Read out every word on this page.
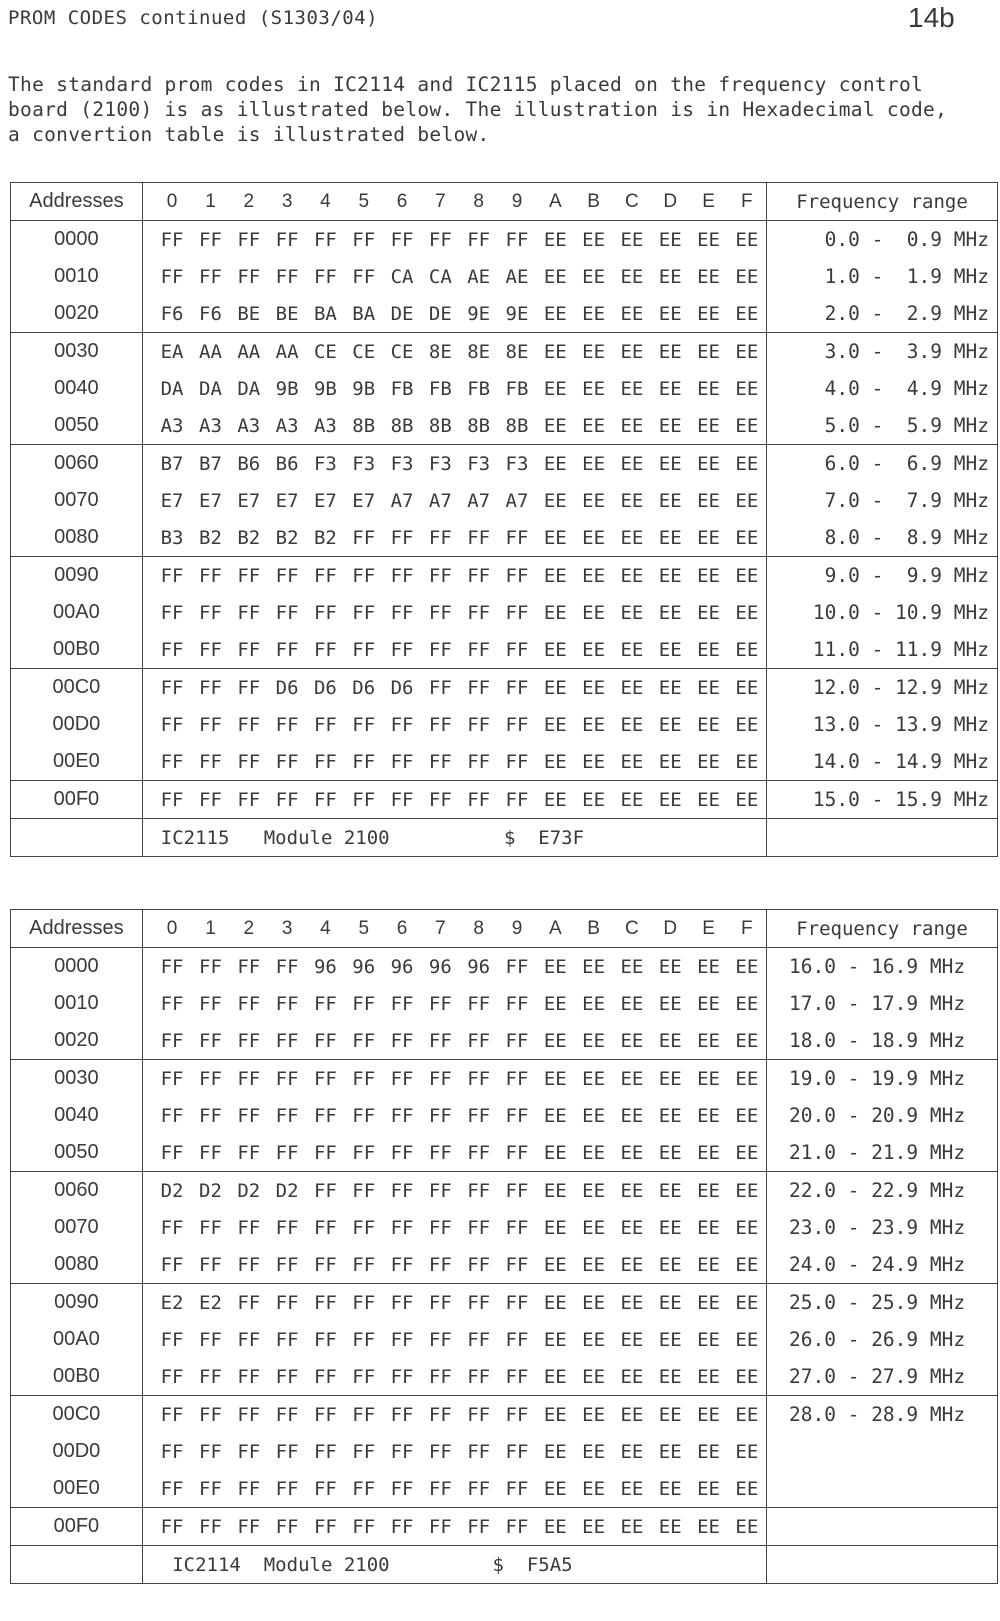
PROM CODES continued (S1303/04)	14b
The standard prom codes in IC2114 and IC2115 placed on the frequency control
board (2100) is as illustrated below. The illustration is in Hexadecimal code,
a convertion table is illustrated below.
Addresses	0	1	2	3	4	5	6	7	8	9	A	B	C	D	E	F	Frequency range
0000	FF	FF	FF	FF	FF	FF	FF	FF	FF	FF	EE	EE	EE	EE	EE	EE	0.0 -  0.9 MHz
0010	FF	FF	FF	FF	FF	FF	CA	CA	AE	AE	EE	EE	EE	EE	EE	EE	1.0 -  1.9 MHz
0020	F6	F6	BE	BE	BA	BA	DE	DE	9E	9E	EE	EE	EE	EE	EE	EE	2.0 -  2.9 MHz
0030	EA	AA	AA	AA	CE	CE	CE	8E	8E	8E	EE	EE	EE	EE	EE	EE	3.0 -  3.9 MHz
0040	DA	DA	DA	9B	9B	9B	FB	FB	FB	FB	EE	EE	EE	EE	EE	EE	4.0 -  4.9 MHz
0050	A3	A3	A3	A3	A3	8B	8B	8B	8B	8B	EE	EE	EE	EE	EE	EE	5.0 -  5.9 MHz
0060	B7	B7	B6	B6	F3	F3	F3	F3	F3	F3	EE	EE	EE	EE	EE	EE	6.0 -  6.9 MHz
0070	E7	E7	E7	E7	E7	E7	A7	A7	A7	A7	EE	EE	EE	EE	EE	EE	7.0 -  7.9 MHz
0080	B3	B2	B2	B2	B2	FF	FF	FF	FF	FF	EE	EE	EE	EE	EE	EE	8.0 -  8.9 MHz
0090	FF	FF	FF	FF	FF	FF	FF	FF	FF	FF	EE	EE	EE	EE	EE	EE	9.0 -  9.9 MHz
00A0	FF	FF	FF	FF	FF	FF	FF	FF	FF	FF	EE	EE	EE	EE	EE	EE	10.0 - 10.9 MHz
00B0	FF	FF	FF	FF	FF	FF	FF	FF	FF	FF	EE	EE	EE	EE	EE	EE	11.0 - 11.9 MHz
00C0	FF	FF	FF	D6	D6	D6	D6	FF	FF	FF	EE	EE	EE	EE	EE	EE	12.0 - 12.9 MHz
00D0	FF	FF	FF	FF	FF	FF	FF	FF	FF	FF	EE	EE	EE	EE	EE	EE	13.0 - 13.9 MHz
00E0	FF	FF	FF	FF	FF	FF	FF	FF	FF	FF	EE	EE	EE	EE	EE	EE	14.0 - 14.9 MHz
00F0	FF	FF	FF	FF	FF	FF	FF	FF	FF	FF	EE	EE	EE	EE	EE	EE	15.0 - 15.9 MHz
	IC2115   Module 2100          $  E73F																
Addresses	0	1	2	3	4	5	6	7	8	9	A	B	C	D	E	F	Frequency range
0000	FF	FF	FF	FF	96	96	96	96	96	FF	EE	EE	EE	EE	EE	EE	16.0 - 16.9 MHz
0010	FF	FF	FF	FF	FF	FF	FF	FF	FF	FF	EE	EE	EE	EE	EE	EE	17.0 - 17.9 MHz
0020	FF	FF	FF	FF	FF	FF	FF	FF	FF	FF	EE	EE	EE	EE	EE	EE	18.0 - 18.9 MHz
0030	FF	FF	FF	FF	FF	FF	FF	FF	FF	FF	EE	EE	EE	EE	EE	EE	19.0 - 19.9 MHz
0040	FF	FF	FF	FF	FF	FF	FF	FF	FF	FF	EE	EE	EE	EE	EE	EE	20.0 - 20.9 MHz
0050	FF	FF	FF	FF	FF	FF	FF	FF	FF	FF	EE	EE	EE	EE	EE	EE	21.0 - 21.9 MHz
0060	D2	D2	D2	D2	FF	FF	FF	FF	FF	FF	EE	EE	EE	EE	EE	EE	22.0 - 22.9 MHz
0070	FF	FF	FF	FF	FF	FF	FF	FF	FF	FF	EE	EE	EE	EE	EE	EE	23.0 - 23.9 MHz
0080	FF	FF	FF	FF	FF	FF	FF	FF	FF	FF	EE	EE	EE	EE	EE	EE	24.0 - 24.9 MHz
0090	E2	E2	FF	FF	FF	FF	FF	FF	FF	FF	EE	EE	EE	EE	EE	EE	25.0 - 25.9 MHz
00A0	FF	FF	FF	FF	FF	FF	FF	FF	FF	FF	EE	EE	EE	EE	EE	EE	26.0 - 26.9 MHz
00B0	FF	FF	FF	FF	FF	FF	FF	FF	FF	FF	EE	EE	EE	EE	EE	EE	27.0 - 27.9 MHz
00C0	FF	FF	FF	FF	FF	FF	FF	FF	FF	FF	EE	EE	EE	EE	EE	EE	28.0 - 28.9 MHz
00D0	FF	FF	FF	FF	FF	FF	FF	FF	FF	FF	EE	EE	EE	EE	EE	EE	
00E0	FF	FF	FF	FF	FF	FF	FF	FF	FF	FF	EE	EE	EE	EE	EE	EE	
00F0	FF	FF	FF	FF	FF	FF	FF	FF	FF	FF	EE	EE	EE	EE	EE	EE	
	IC2114  Module 2100         $  F5A5																
